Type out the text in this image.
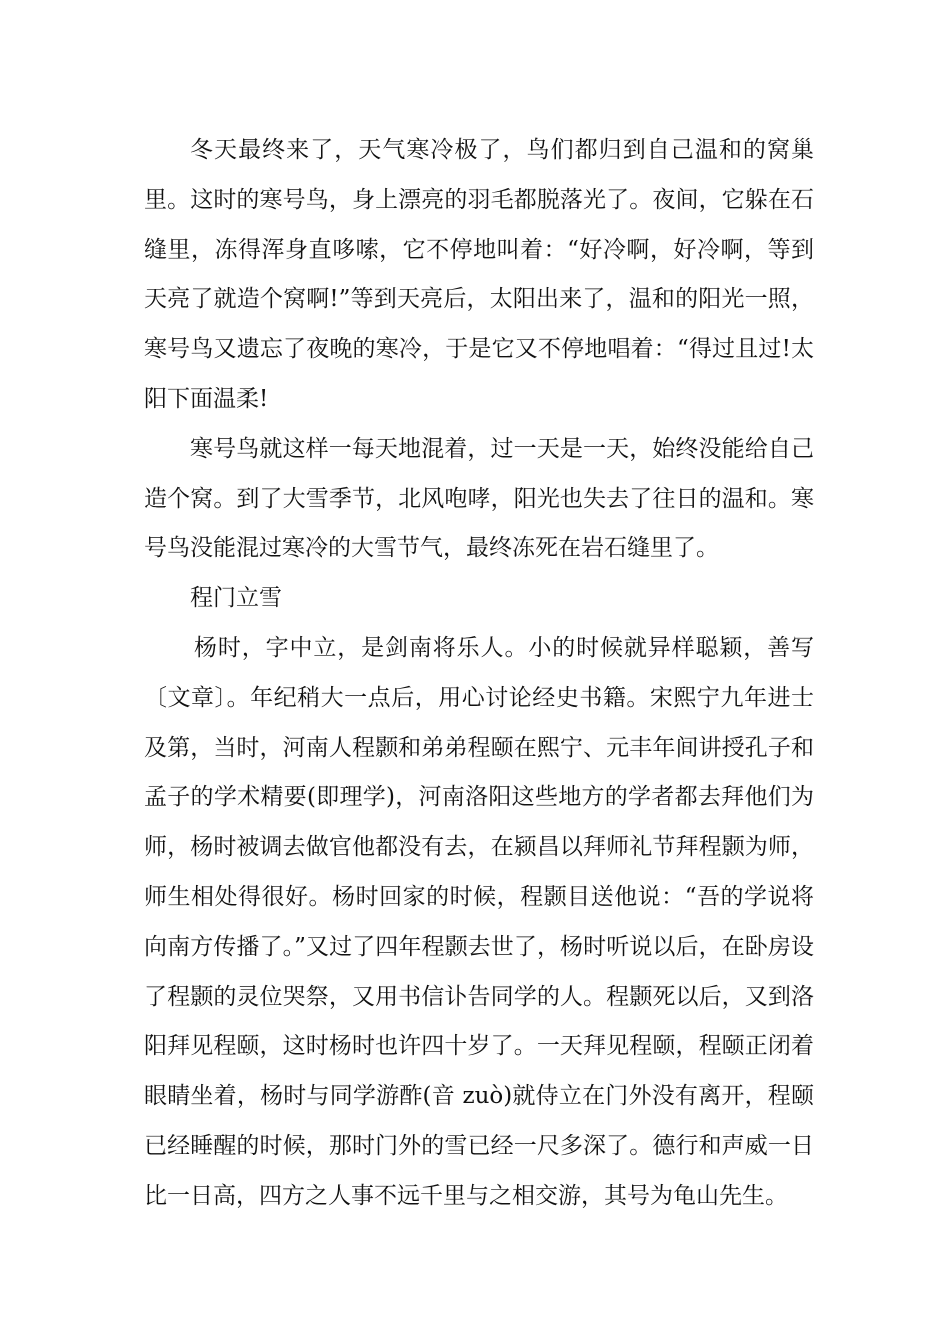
冬天最终来了，天气寒冷极了，鸟们都归到自己温和的窝巢里。这时的寒号鸟，身上漂亮的羽毛都脱落光了。夜间，它躲在石缝里，冻得浑身直哆嗦，它不停地叫着：“好冷啊，好冷啊，等到天亮了就造个窝啊!”等到天亮后，太阳出来了，温和的阳光一照，寒号鸟又遗忘了夜晚的寒冷，于是它又不停地唱着：“得过且过!太阳下面温柔!

寒号鸟就这样一每天地混着，过一天是一天，始终没能给自己造个窝。到了大雪季节，北风咆哮，阳光也失去了往日的温和。寒号鸟没能混过寒冷的大雪节气，最终冻死在岩石缝里了。

程门立雪

杨时，字中立，是剑南将乐人。小的时候就异样聪颖，善写〔文章〕。年纪稍大一点后，用心讨论经史书籍。宋熙宁九年进士及第，当时，河南人程颢和弟弟程颐在熙宁、元丰年间讲授孔子和孟子的学术精要(即理学)，河南洛阳这些地方的学者都去拜他们为师，杨时被调去做官他都没有去，在颍昌以拜师礼节拜程颢为师，师生相处得很好。杨时回家的时候，程颢目送他说：“吾的学说将向南方传播了。”又过了四年程颢去世了，杨时听说以后，在卧房设了程颢的灵位哭祭，又用书信讣告同学的人。程颢死以后，又到洛阳拜见程颐，这时杨时也许四十岁了。一天拜见程颐，程颐正闭着眼睛坐着，杨时与同学游酢(音 zuò)就侍立在门外没有离开，程颐已经睡醒的时候，那时门外的雪已经一尺多深了。德行和声威一日比一日高，四方之人事不远千里与之相交游，其号为龟山先生。
